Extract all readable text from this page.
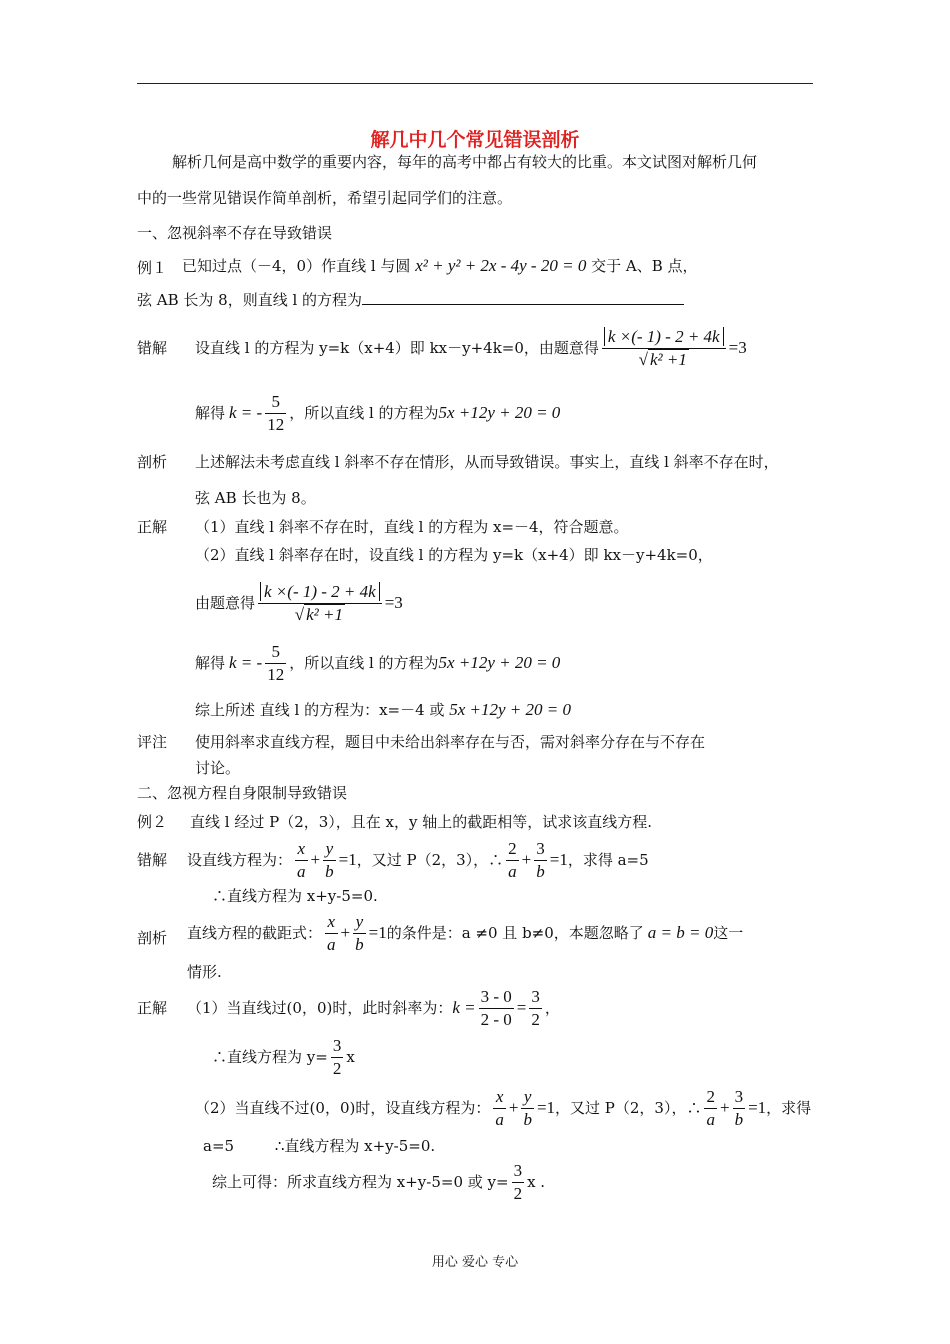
解几中几个常见错误剖析
解析几何是高中数学的重要内容，每年的高考中都占有较大的比重。本文试图对解析几何
中的一些常见错误作简单剖析，希望引起同学们的注意。
一、忽视斜率不存在导致错误
例１ 已知过点（－4，0）作直线 l 与圆 x² + y² + 2x - 4y - 20 = 0 交于 A、B 点，
弦 AB 长为 8，则直线 l 的方程为
错解 设直线 l 的方程为 y=k（x+4）即 kx－y+4k=0，由题意得 $\frac{k \times(- 1) - 2 + 4k}{\text{√ k² +1}} =3$
解得 k = - $\frac{5}{12}$ ，所以直线 l 的方程为 5x +12y + 20 = 0
剖析 上述解法未考虑直线 l 斜率不存在情形，从而导致错误。事实上，直线 l 斜率不存在时，
弦 AB 长也为 8。
正解 （1）直线 l 斜率不存在时，直线 l 的方程为 x=－4，符合题意。
（2）直线 l 斜率存在时，设直线 l 的方程为 y=k（x+4）即 kx－y+4k=0，
由题意得 $\frac{k \times(- 1) - 2 + 4k}{\text{√ k² +1}} =3$
解得 k = - $\frac{5}{12}$ ，所以直线 l 的方程为 5x +12y + 20 = 0
综上所述 直线 l 的方程为：x=－4 或 5x +12y + 20 = 0
评注 使用斜率求直线方程，题目中未给出斜率存在与否，需对斜率分存在与不存在
讨论。
二、忽视方程自身限制导致错误
例２ 直线 l 经过 P（2，3），且在 x，y 轴上的截距相等，试求该直线方程.
错解 设直线方程为： $\frac{x}{a} + \frac{y}{b} =1$ ，又过 P（2，3），∴ $\frac{2}{a} + \frac{3}{b} =1$ ，求得 a=5
∴直线方程为 x+y-5=0.
剖析 直线方程的截距式： $\frac{x}{a} + \frac{y}{b} =1$ 的条件是：a ≠0 且 b≠0，本题忽略了 a = b = 0 这一
情形.
正解 （1）当直线过(0，0)时，此时斜率为： $k = \frac{3 - 0}{2 - 0} = \frac{3}{2}$ ，
∴直线方程为 $y= \frac{3}{2}$ x
（2）当直线不过(0，0)时，设直线方程为： $\frac{x}{a} + \frac{y}{b} =1$ ，又过 P（2，3），∴ $\frac{2}{a} + \frac{3}{b} =1$ ，求得
a=5	∴直线方程为 x+y-5=0.
综上可得：所求直线方程为 x+y-5=0 或 $y= \frac{3}{2}$ x .
用心 爱心 专心
